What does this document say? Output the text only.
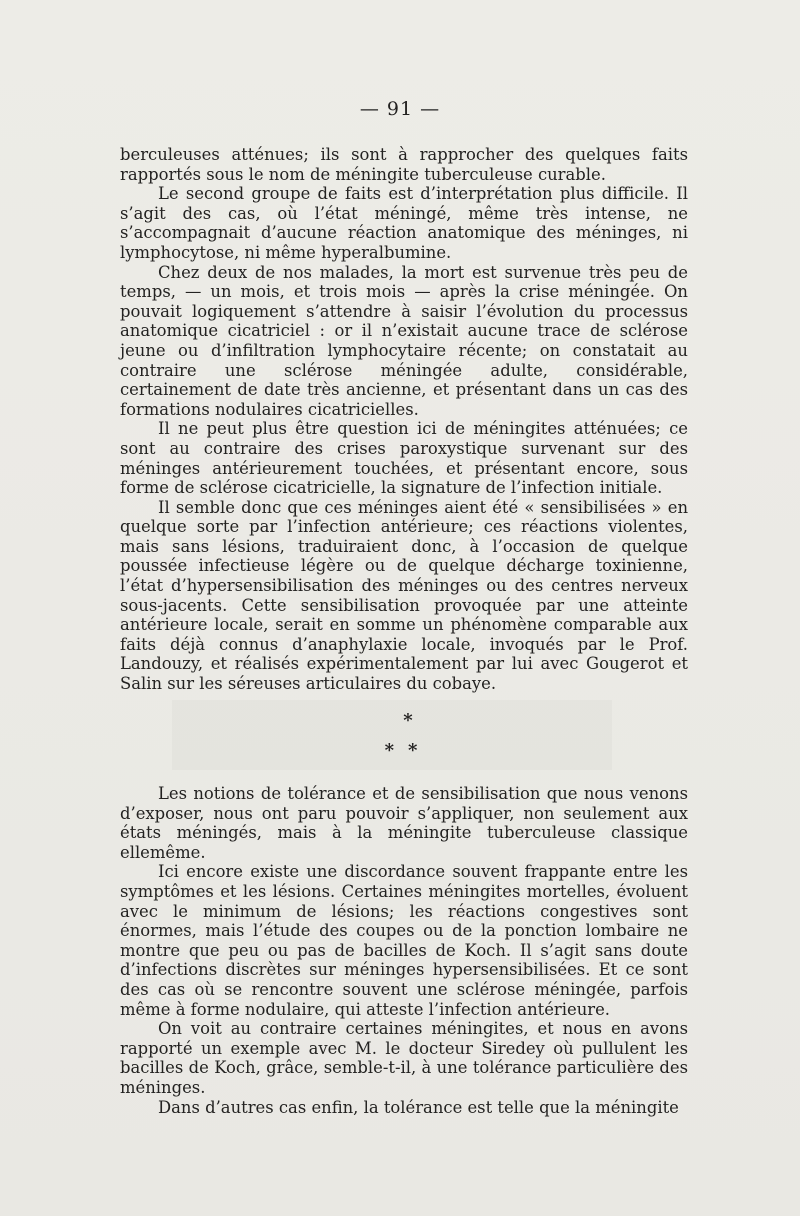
— 91 —

berculeuses atténues; ils sont à rapprocher des quelques faits rapportés sous le nom de méningite tuberculeuse curable.

Le second groupe de faits est d’interprétation plus difficile. Il s’agit des cas, où l’état méningé, même très intense, ne s’accompagnait d’aucune réaction anatomique des méninges, ni lymphocytose, ni même hyperalbumine.

Chez deux de nos malades, la mort est survenue très peu de temps, — un mois, et trois mois — après la crise méningée. On pouvait logiquement s’attendre à saisir l’évolution du processus anatomique cicatriciel : or il n’existait aucune trace de sclérose jeune ou d’infiltration lymphocytaire récente; on constatait au contraire une sclérose méningée adulte, considérable, certainement de date très ancienne, et présentant dans un cas des formations nodulaires cicatricielles.

Il ne peut plus être question ici de méningites atténuées; ce sont au contraire des crises paroxystique survenant sur des méninges antérieurement touchées, et présentant encore, sous forme de sclérose cicatricielle, la signature de l’infection initiale.

Il semble donc que ces méninges aient été « sensibilisées » en quelque sorte par l’infection antérieure; ces réactions violentes, mais sans lésions, traduiraient donc, à l’occasion de quelque poussée infectieuse légère ou de quelque décharge toxinienne, l’état d’hypersensibilisation des méninges ou des centres nerveux sous-jacents. Cette sensibilisation provoquée par une atteinte antérieure locale, serait en somme un phénomène comparable aux faits déjà connus d’anaphylaxie locale, invoqués par le Prof. Landouzy, et réalisés expérimentalement par lui avec Gougerot et Salin sur les séreuses articulaires du cobaye.

*
**

Les notions de tolérance et de sensibilisation que nous venons d’exposer, nous ont paru pouvoir s’appliquer, non seulement aux états méningés, mais à la méningite tuberculeuse classique ellemême.

Ici encore existe une discordance souvent frappante entre les symptômes et les lésions. Certaines méningites mortelles, évoluent avec le minimum de lésions; les réactions congestives sont énormes, mais l’étude des coupes ou de la ponction lombaire ne montre que peu ou pas de bacilles de Koch. Il s’agit sans doute d’infections discrètes sur méninges hypersensibilisées. Et ce sont des cas où se rencontre souvent une sclérose méningée, parfois même à forme nodulaire, qui atteste l’infection antérieure.

On voit au contraire certaines méningites, et nous en avons rapporté un exemple avec M. le docteur Siredey où pullulent les bacilles de Koch, grâce, semble-t-il, à une tolérance particulière des méninges.

Dans d’autres cas enfin, la tolérance est telle que la méningite
